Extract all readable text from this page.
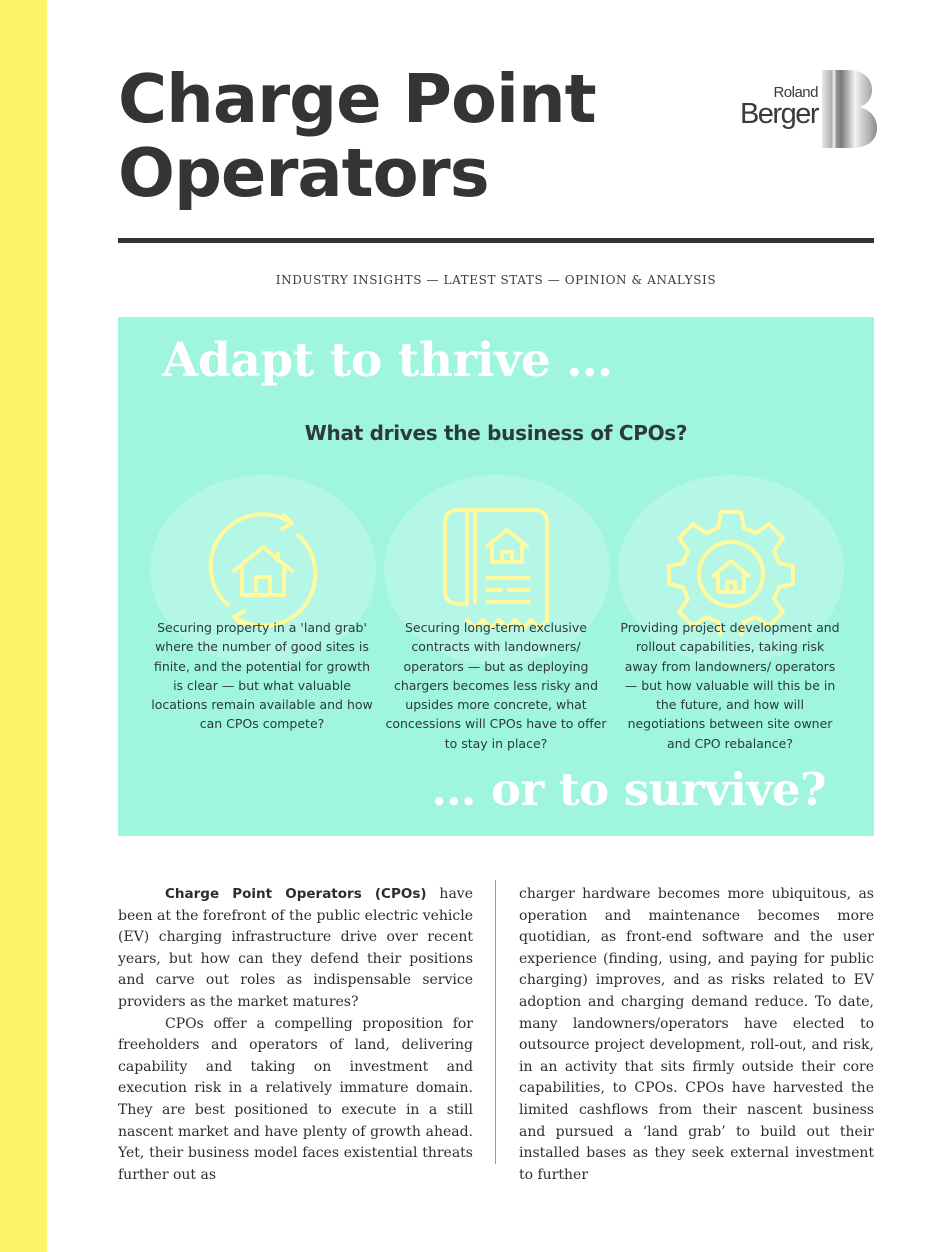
Charge Point
Operators
Roland
Berger
INDUSTRY INSIGHTS — LATEST STATS — OPINION & ANALYSIS
Adapt to thrive …
What drives the business of CPOs?

Securing property in a 'land grab' where the number of good sites is finite, and the potential for growth is clear — but what valuable locations remain available and how can CPOs compete?

Securing long-term exclusive contracts with landowners/ operators — but as deploying chargers becomes less risky and upsides more concrete, what concessions will CPOs have to offer to stay in place?

Providing project development and rollout capabilities, taking risk away from landowners/ operators — but how valuable will this be in the future, and how will negotiations between site owner and CPO rebalance?

… or to survive?

Charge Point Operators (CPOs) have been at the forefront of the public electric vehicle (EV) charging infrastructure drive over recent years, but how can they defend their positions and carve out roles as indispensable service providers as the market matures?

CPOs offer a compelling proposition for freeholders and operators of land, delivering capability and taking on investment and execution risk in a relatively immature domain. They are best positioned to execute in a still nascent market and have plenty of growth ahead. Yet, their business model faces existential threats further out as

charger hardware becomes more ubiquitous, as operation and maintenance becomes more quotidian, as front-end software and the user experience (finding, using, and paying for public charging) improves, and as risks related to EV adoption and charging demand reduce. To date, many landowners/operators have elected to outsource project development, roll-out, and risk, in an activity that sits firmly outside their core capabilities, to CPOs. CPOs have harvested the limited cashflows from their nascent business and pursued a ‘land grab’ to build out their installed bases as they seek external investment to further
